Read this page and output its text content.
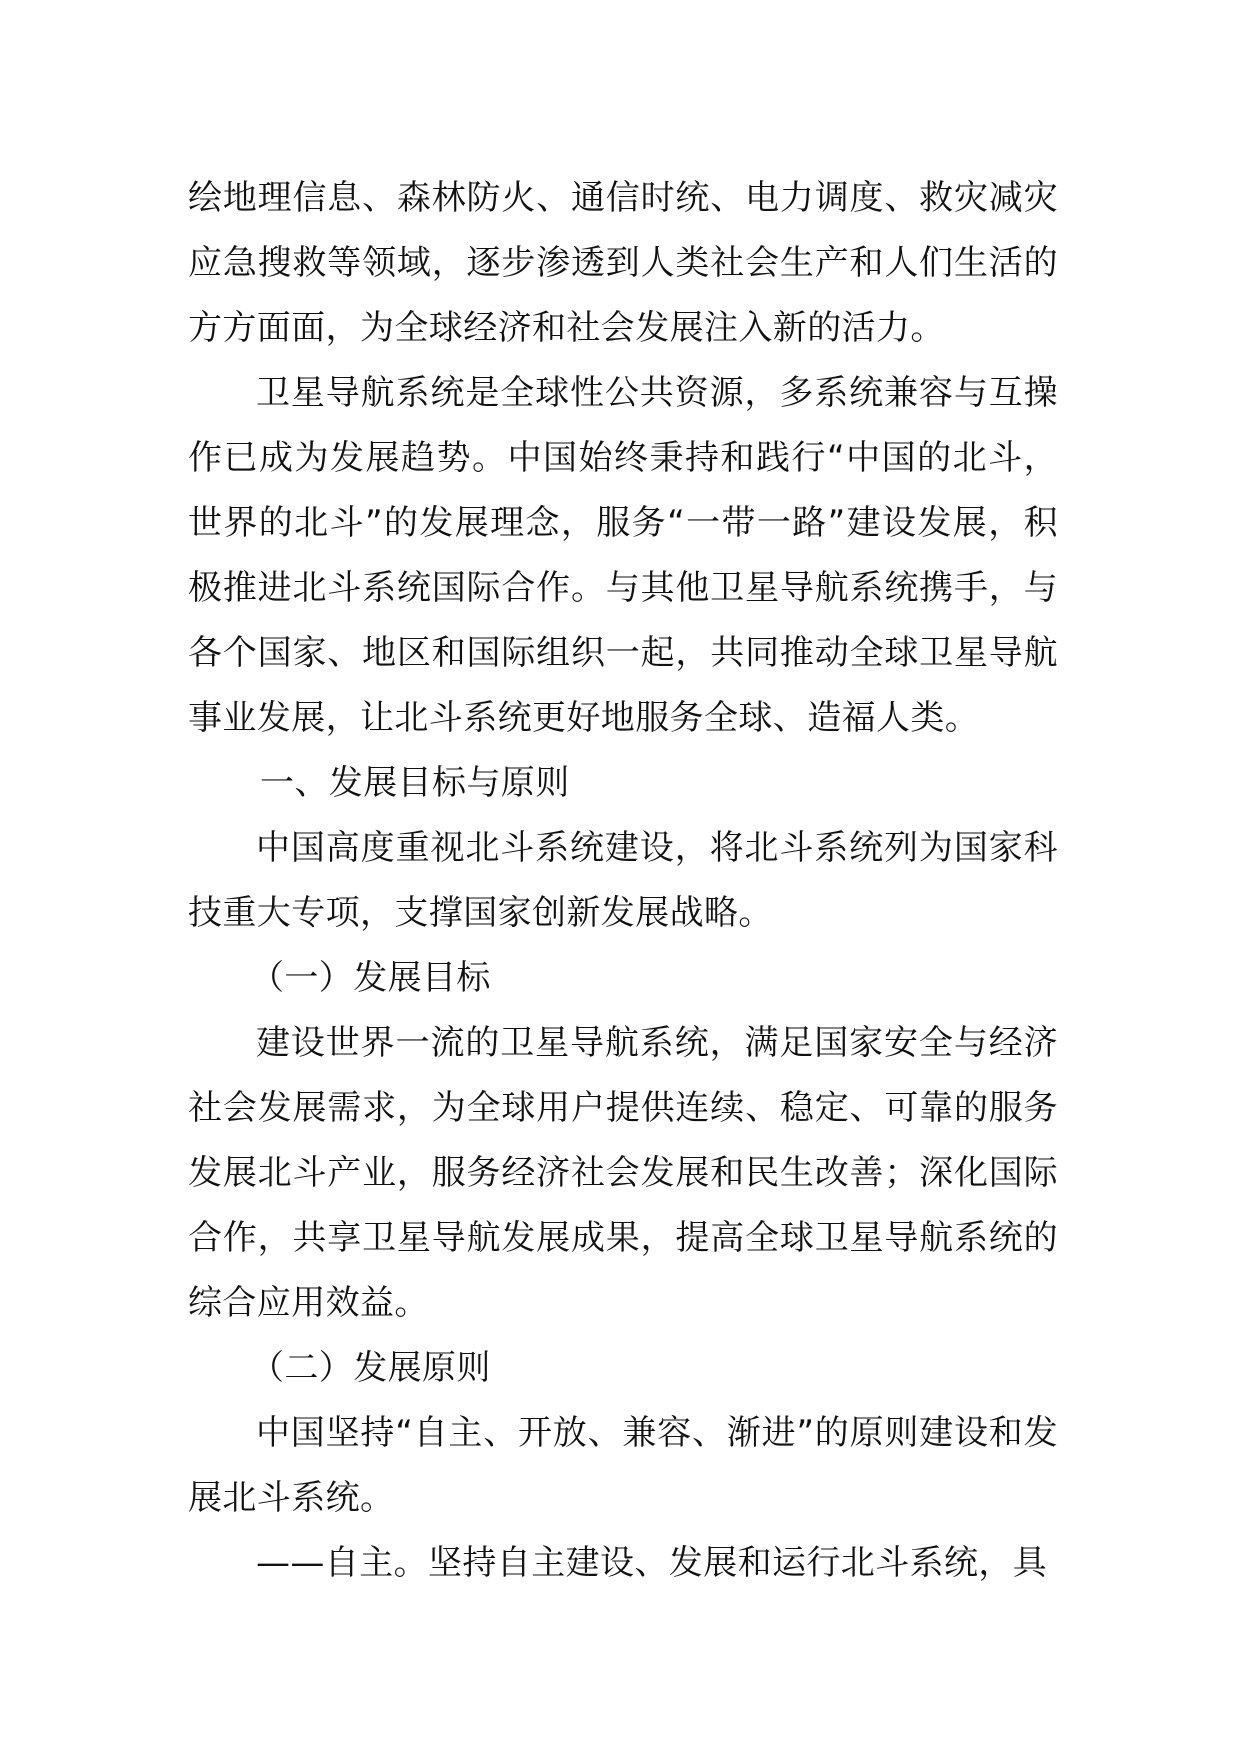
绘地理信息、森林防火、通信时统、电力调度、救灾减灾应急搜救等领域，逐步渗透到人类社会生产和人们生活的方方面面，为全球经济和社会发展注入新的活力。

卫星导航系统是全球性公共资源，多系统兼容与互操作已成为发展趋势。中国始终秉持和践行“中国的北斗，世界的北斗”的发展理念，服务“一带一路”建设发展，积极推进北斗系统国际合作。与其他卫星导航系统携手，与各个国家、地区和国际组织一起，共同推动全球卫星导航事业发展，让北斗系统更好地服务全球、造福人类。

一、发展目标与原则

中国高度重视北斗系统建设，将北斗系统列为国家科技重大专项，支撑国家创新发展战略。

（一）发展目标

建设世界一流的卫星导航系统，满足国家安全与经济社会发展需求，为全球用户提供连续、稳定、可靠的服务发展北斗产业，服务经济社会发展和民生改善；深化国际合作，共享卫星导航发展成果，提高全球卫星导航系统的综合应用效益。

（二）发展原则

中国坚持“自主、开放、兼容、渐进”的原则建设和发展北斗系统。

——自主。坚持自主建设、发展和运行北斗系统，具
